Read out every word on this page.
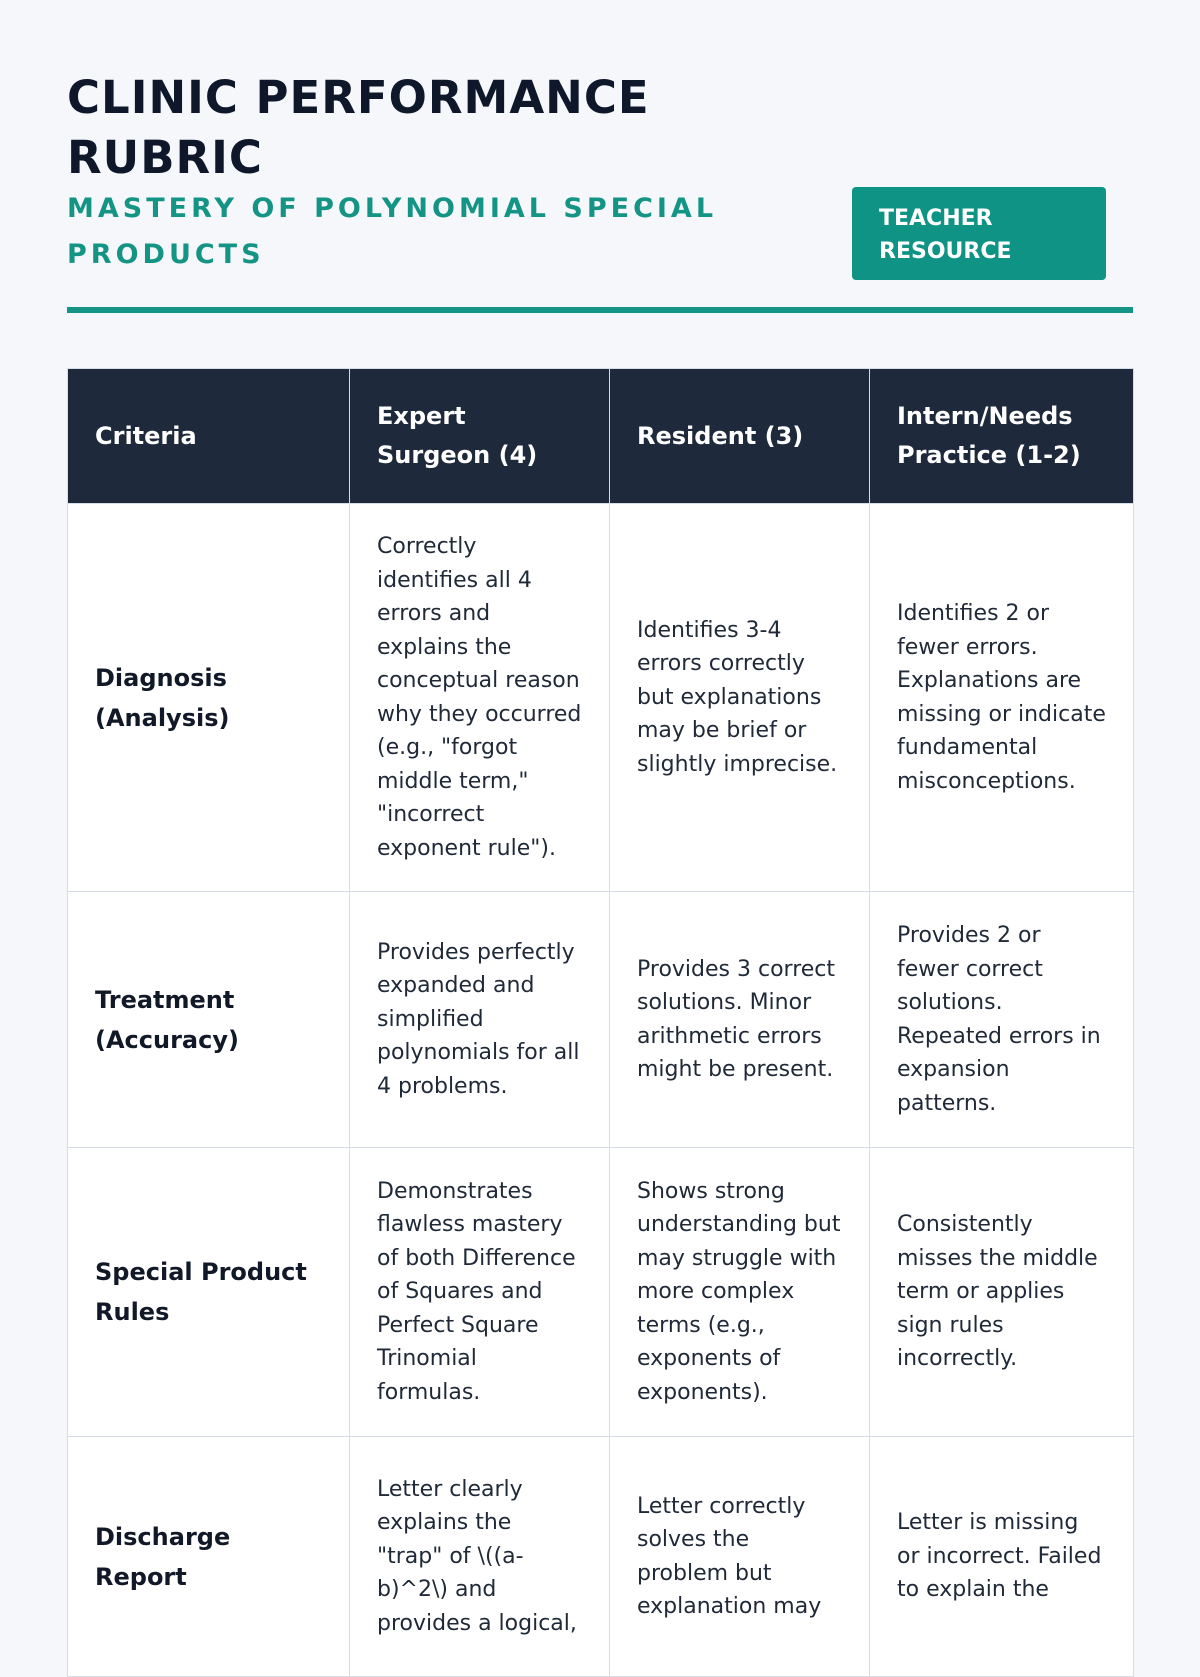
CLINIC PERFORMANCE RUBRIC
MASTERY OF POLYNOMIAL SPECIAL PRODUCTS
TEACHER RESOURCE
Criteria	Expert Surgeon (4)	Resident (3)	Intern/Needs Practice (1-2)
Diagnosis (Analysis)	Correctly identifies all 4 errors and explains the conceptual reason why they occurred (e.g., "forgot middle term," "incorrect exponent rule").	Identifies 3-4 errors correctly but explanations may be brief or slightly imprecise.	Identifies 2 or fewer errors. Explanations are missing or indicate fundamental misconceptions.
Treatment (Accuracy)	Provides perfectly expanded and simplified polynomials for all 4 problems.	Provides 3 correct solutions. Minor arithmetic errors might be present.	Provides 2 or fewer correct solutions. Repeated errors in expansion patterns.
Special Product Rules	Demonstrates flawless mastery of both Difference of Squares and Perfect Square Trinomial formulas.	Shows strong understanding but may struggle with more complex terms (e.g., exponents of exponents).	Consistently misses the middle term or applies sign rules incorrectly.
Discharge Report	Letter clearly explains the "trap" of \((a-b)^2\) and provides a logical,	Letter correctly solves the problem but explanation may	Letter is missing or incorrect. Failed to explain the
